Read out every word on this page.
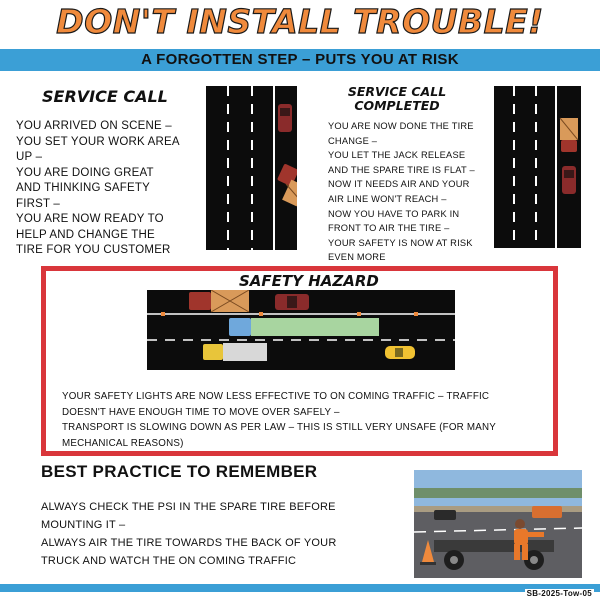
DON'T INSTALL TROUBLE!
A FORGOTTEN STEP – PUTS YOU AT RISK
SERVICE CALL
YOU ARRIVED ON SCENE –
YOU SET YOUR WORK AREA
UP –
YOU ARE DOING GREAT
AND THINKING SAFETY
FIRST –
YOU ARE NOW READY TO
HELP AND CHANGE THE
TIRE FOR YOU CUSTOMER
SERVICE CALL
COMPLETED
YOU ARE NOW DONE THE TIRE
CHANGE –
YOU LET THE JACK RELEASE
AND THE SPARE TIRE IS FLAT –
NOW IT NEEDS AIR AND YOUR
AIR LINE WON'T REACH –
NOW YOU HAVE TO PARK IN
FRONT TO AIR THE TIRE –
YOUR SAFETY IS NOW AT RISK
EVEN MORE
SAFETY HAZARD
YOUR SAFETY LIGHTS ARE NOW LESS EFFECTIVE TO ON COMING TRAFFIC – TRAFFIC
DOESN'T HAVE ENOUGH TIME TO MOVE OVER SAFELY –
TRANSPORT IS SLOWING DOWN AS PER LAW – THIS IS STILL VERY UNSAFE (FOR MANY
MECHANICAL REASONS)
BEST PRACTICE TO REMEMBER
ALWAYS CHECK THE PSI IN THE SPARE TIRE BEFORE
MOUNTING IT –
ALWAYS AIR THE TIRE TOWARDS THE BACK OF YOUR
TRUCK AND WATCH THE ON COMING TRAFFIC
SB-2025-Tow-05
